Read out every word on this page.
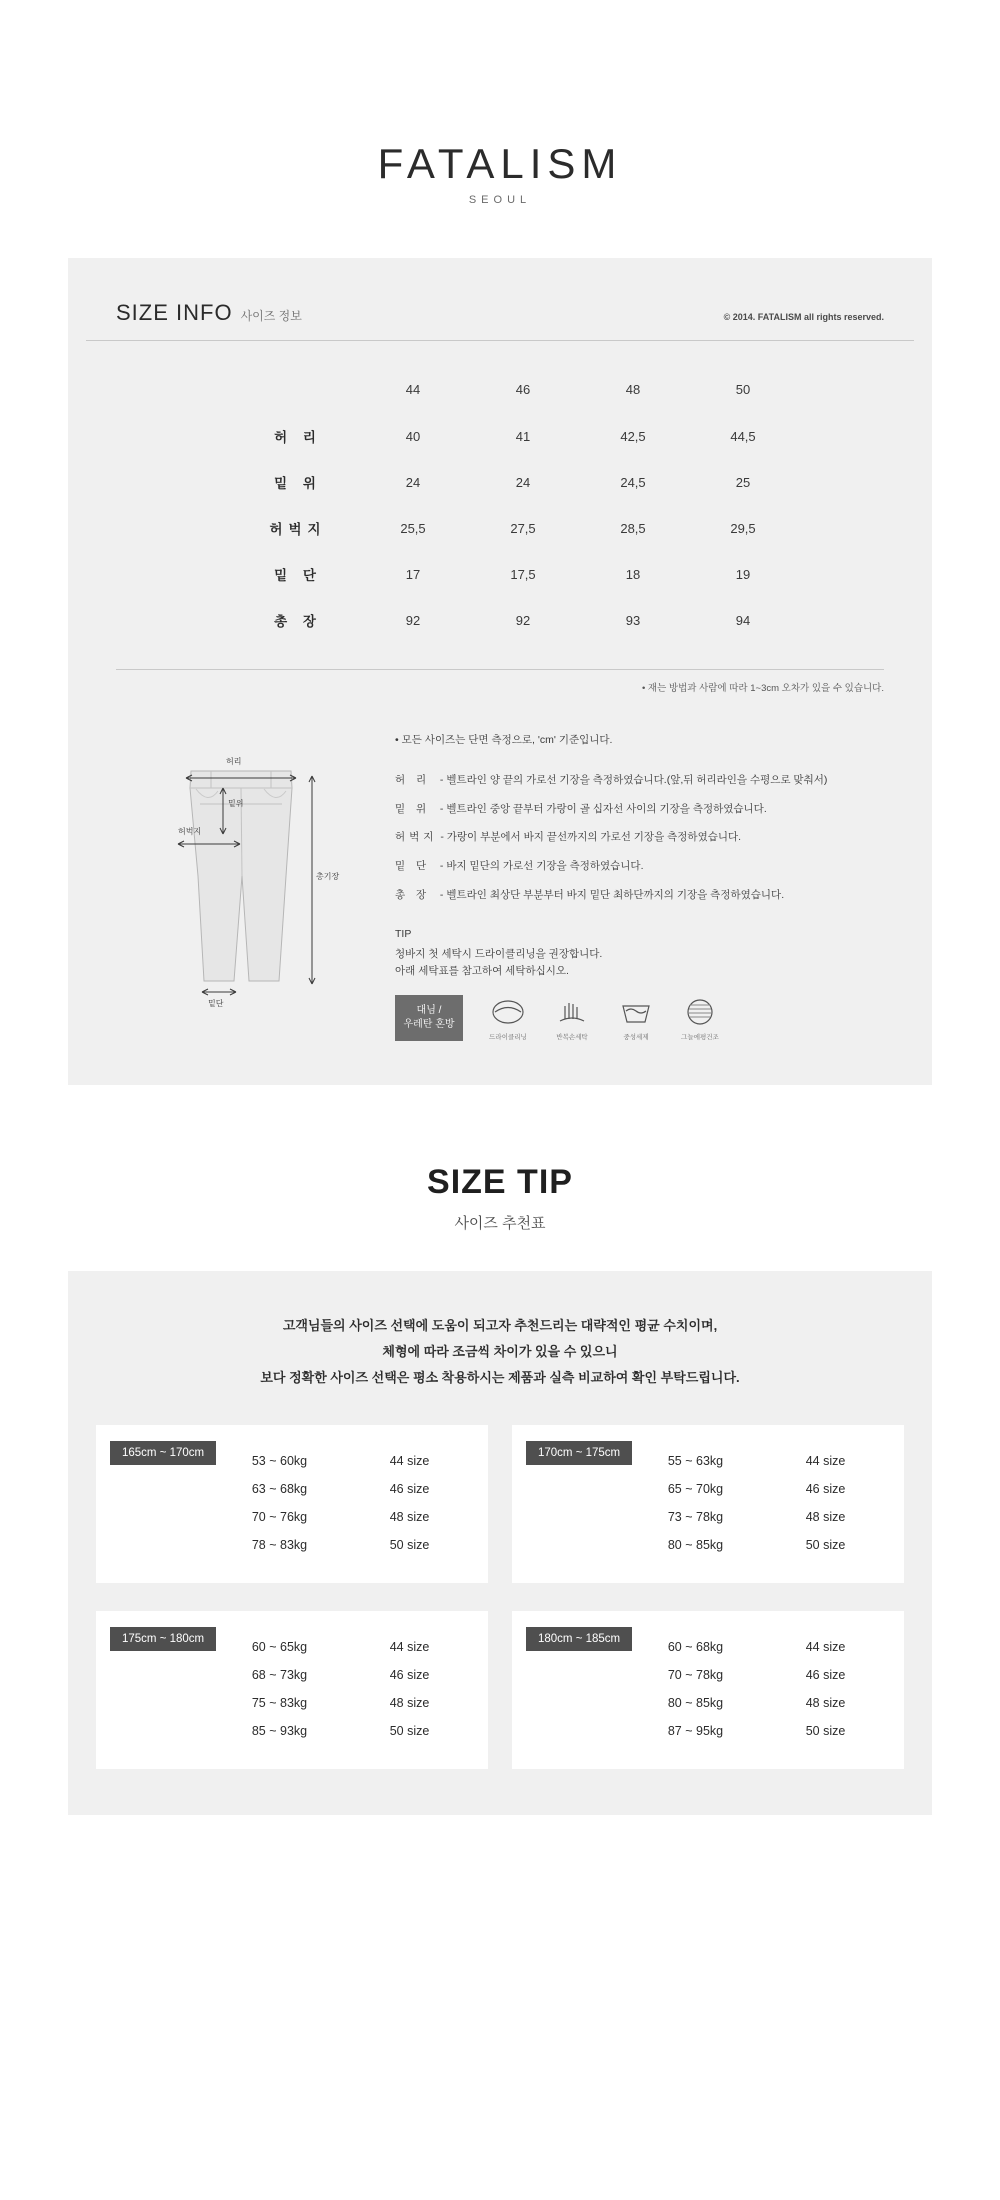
FATALISM
SEOUL
SIZE INFO 사이즈 정보	© 2014. FATALISM all rights reserved.
	44	46	48	50
허 리	40	41	42,5	44,5
밑 위	24	24	24,5	25
허벅지	25,5	27,5	28,5	29,5
밑 단	17	17,5	18	19
총 장	92	92	93	94
• 재는 방법과 사람에 따라 1~3cm 오차가 있을 수 있습니다.
허리
밑위
허벅지
총기장
밑단
• 모든 사이즈는 단면 측정으로, 'cm' 기준입니다.
허 리 - 벨트라인 양 끝의 가로선 기장을 측정하였습니다.(앞,뒤 허리라인을 수평으로 맞춰서)
밑 위 - 벨트라인 중앙 끝부터 가랑이 골 십자선 사이의 기장을 측정하였습니다.
허벅지 - 가랑이 부분에서 바지 끝선까지의 가로선 기장을 측정하였습니다.
밑 단 - 바지 밑단의 가로선 기장을 측정하였습니다.
총 장 - 벨트라인 최상단 부분부터 바지 밑단 최하단까지의 기장을 측정하였습니다.
TIP
청바지 첫 세탁시 드라이클리닝을 권장합니다.
아래 세탁표를 참고하여 세탁하십시오.
대님 /
우레탄 혼방
드라이클리닝	반복손세탁	중성세제	그늘에평건조
SIZE TIP
사이즈 추천표
고객님들의 사이즈 선택에 도움이 되고자 추천드리는 대략적인 평균 수치이며,
체형에 따라 조금씩 차이가 있을 수 있으니
보다 정확한 사이즈 선택은 평소 착용하시는 제품과 실측 비교하여 확인 부탁드립니다.
165cm ~ 170cm
53 ~ 60kg	44 size
63 ~ 68kg	46 size
70 ~ 76kg	48 size
78 ~ 83kg	50 size
170cm ~ 175cm
55 ~ 63kg	44 size
65 ~ 70kg	46 size
73 ~ 78kg	48 size
80 ~ 85kg	50 size
175cm ~ 180cm
60 ~ 65kg	44 size
68 ~ 73kg	46 size
75 ~ 83kg	48 size
85 ~ 93kg	50 size
180cm ~ 185cm
60 ~ 68kg	44 size
70 ~ 78kg	46 size
80 ~ 85kg	48 size
87 ~ 95kg	50 size
